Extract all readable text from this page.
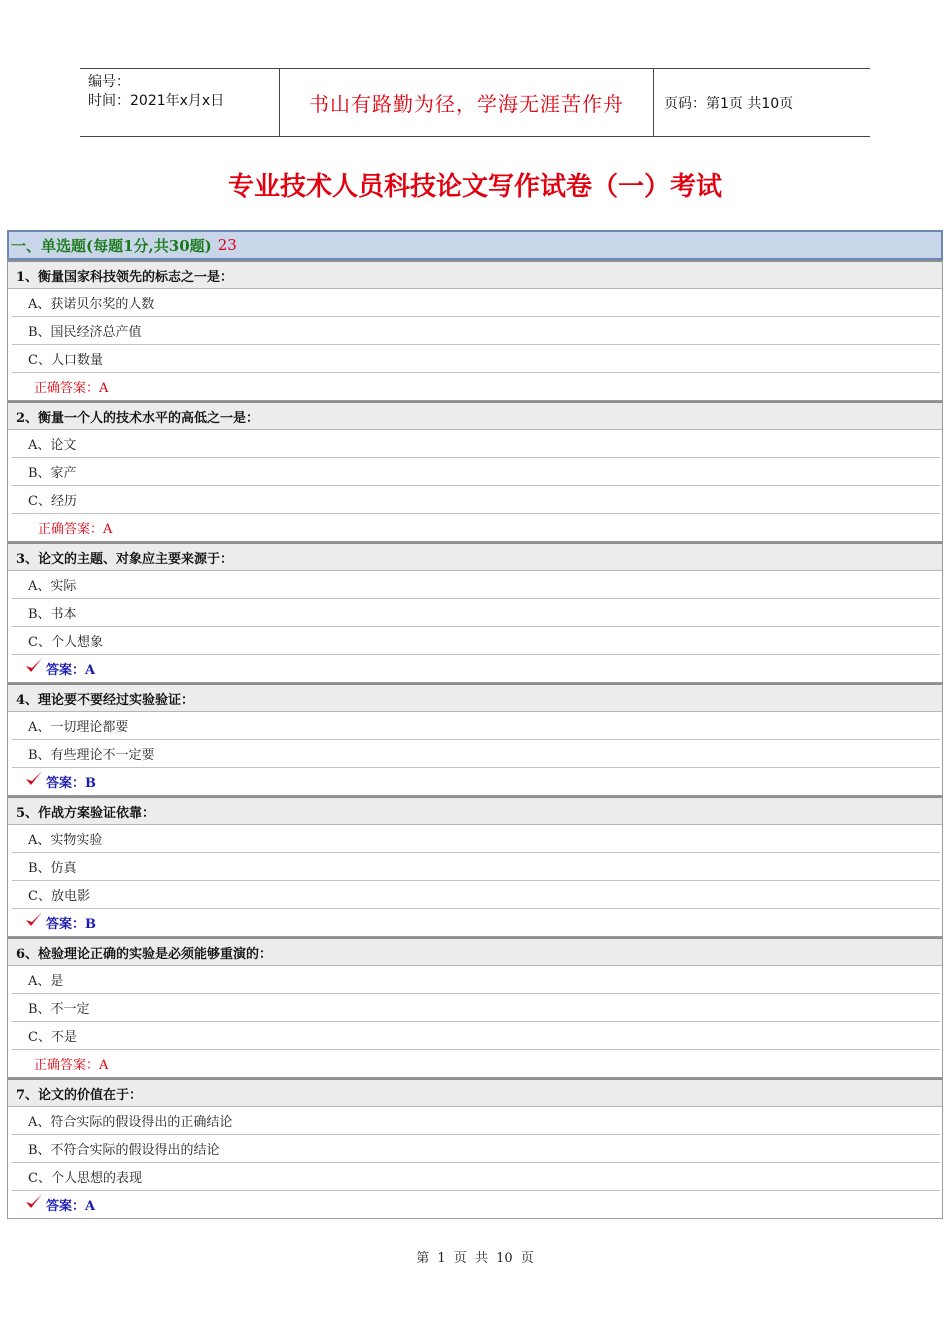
编号：
时间：2021年x月x日	书山有路勤为径，学海无涯苦作舟	页码：第1页 共10页
专业技术人员科技论文写作试卷（一）考试
一、单选题(每题1分,共30题) 23
1、衡量国家科技领先的标志之一是：
A、获诺贝尔奖的人数
B、国民经济总产值
C、人口数量
正确答案：A
2、衡量一个人的技术水平的高低之一是：
A、论文
B、家产
C、经历
正确答案：A
3、论文的主题、对象应主要来源于：
A、实际
B、书本
C、个人想象
答案：A
4、理论要不要经过实验验证：
A、一切理论都要
B、有些理论不一定要
答案：B
5、作战方案验证依靠：
A、实物实验
B、仿真
C、放电影
答案：B
6、检验理论正确的实验是必须能够重演的：
A、是
B、不一定
C、不是
正确答案：A
7、论文的价值在于：
A、符合实际的假设得出的正确结论
B、不符合实际的假设得出的结论
C、个人思想的表现
答案：A
第 1 页 共 10 页
